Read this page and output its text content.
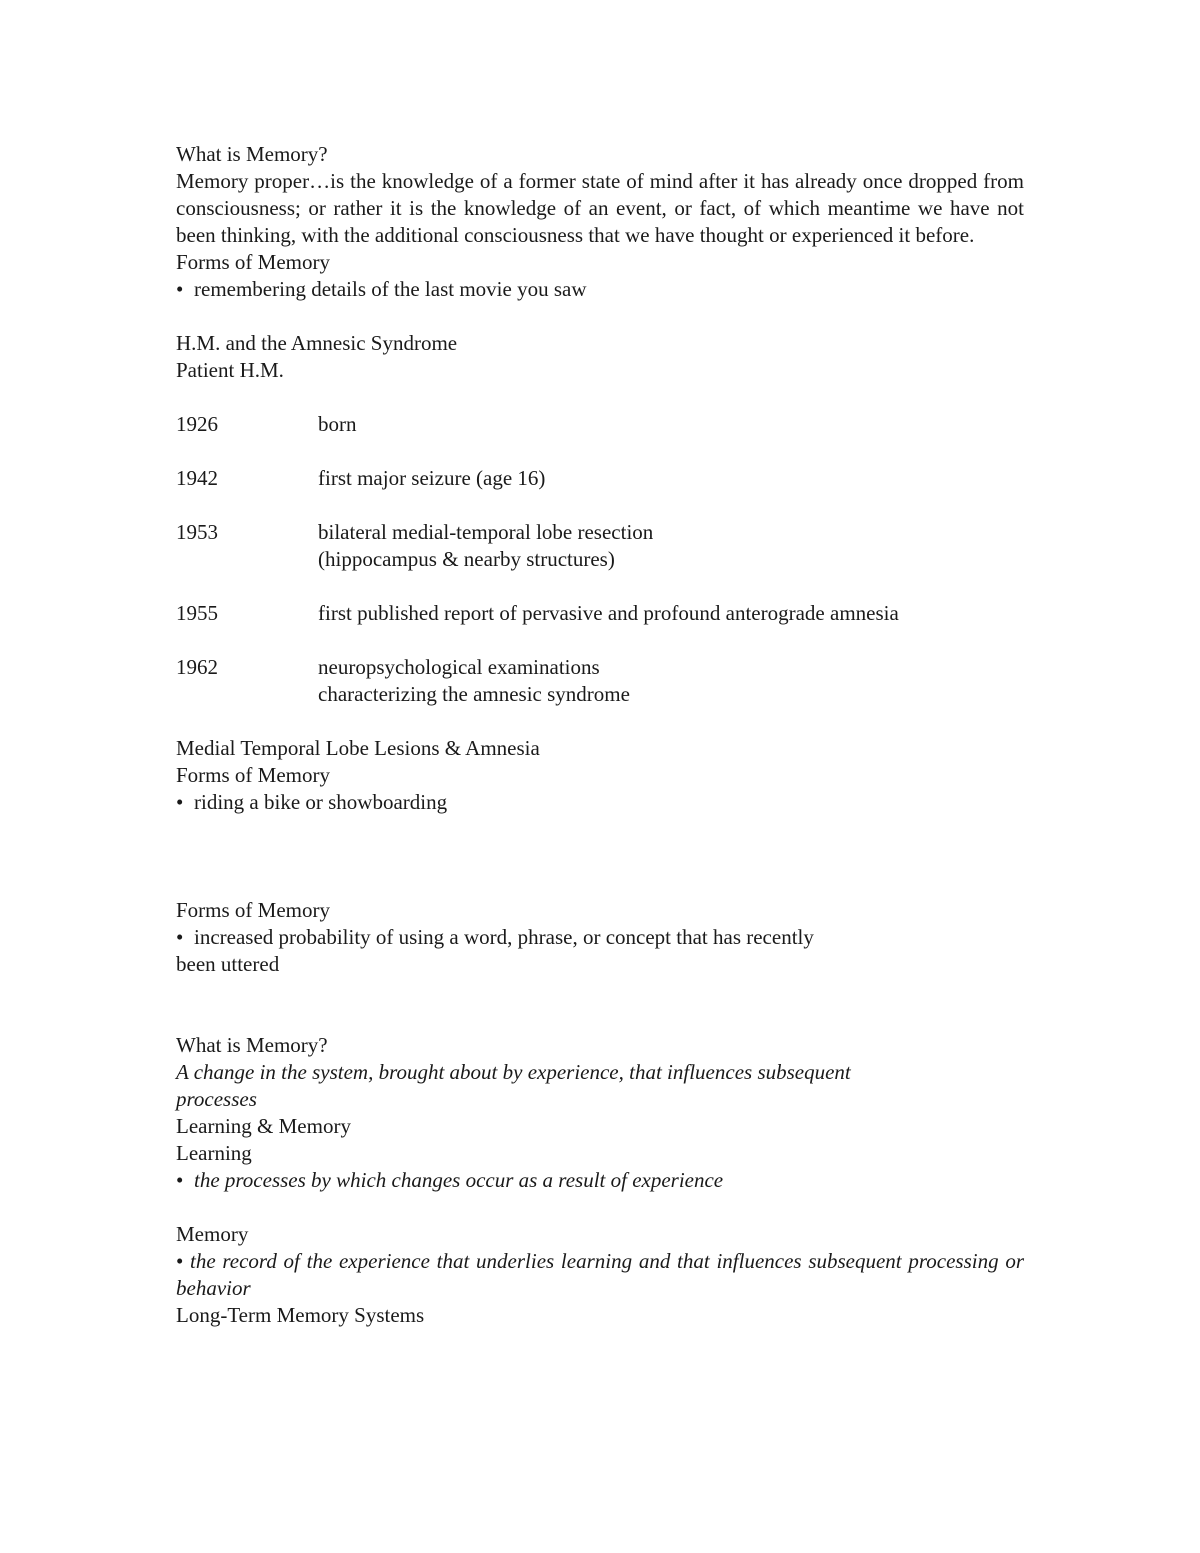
What is Memory?
Memory proper…is the knowledge of a former state of mind after it has already once dropped from consciousness; or rather it is the knowledge of an event, or fact, of which meantime we have not been thinking, with the additional consciousness that we have thought or experienced it before.
Forms of Memory
• remembering details of the last movie you saw
H.M. and the Amnesic Syndrome
Patient H.M.
1926	born
1942	first major seizure (age 16)
1953	bilateral medial-temporal lobe resection
(hippocampus & nearby structures)
1955	first published report of pervasive and profound anterograde amnesia
1962	neuropsychological examinations
characterizing the amnesic syndrome
Medial Temporal Lobe Lesions & Amnesia
Forms of Memory
• riding a bike or showboarding
Forms of Memory
• increased probability of using a word, phrase, or concept that has recently
been uttered
What is Memory?
A change in the system, brought about by experience, that influences subsequent
processes
Learning & Memory
Learning
• the processes by which changes occur as a result of experience
Memory
• the record of the experience that underlies learning and that influences subsequent processing or behavior
Long-Term Memory Systems
